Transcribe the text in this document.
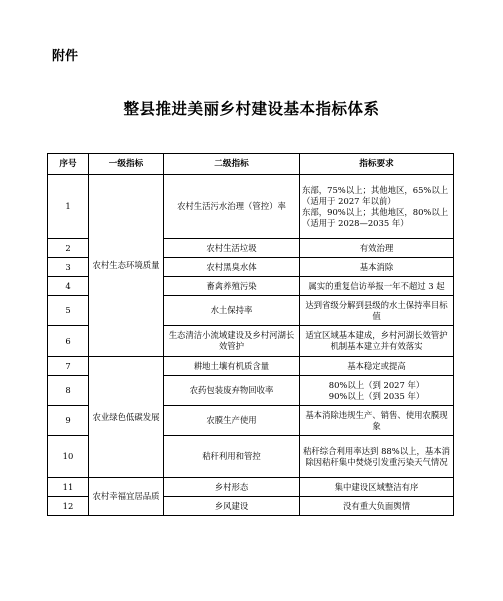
附件
整县推进美丽乡村建设基本指标体系
序号	一级指标	二级指标	指标要求
1	农村生态环境质量	农村生活污水治理（管控）率	东部，75%以上；其他地区，65%以上（适用于 2027 年以前）
东部，90%以上；其他地区，80%以上（适用于 2028—2035 年）
2		农村生活垃圾	有效治理
3		农村黑臭水体	基本消除
4		畜禽养殖污染	属实的重复信访举报一年不超过 3 起
5		水土保持率	达到省级分解到县级的水土保持率目标值
6		生态清洁小流域建设及乡村河湖长效管护	适宜区域基本建成，乡村河湖长效管护机制基本建立并有效落实
7	农业绿色低碳发展	耕地土壤有机质含量	基本稳定或提高
8		农药包装废弃物回收率	80%以上（到 2027 年）
90%以上（到 2035 年）
9		农膜生产使用	基本消除违规生产、销售、使用农膜现象
10		秸秆利用和管控	秸秆综合利用率达到 88%以上，基本消除因秸秆集中焚烧引发重污染天气情况
11	农村幸福宜居品质	乡村形态	集中建设区域整洁有序
12		乡风建设	没有重大负面舆情
